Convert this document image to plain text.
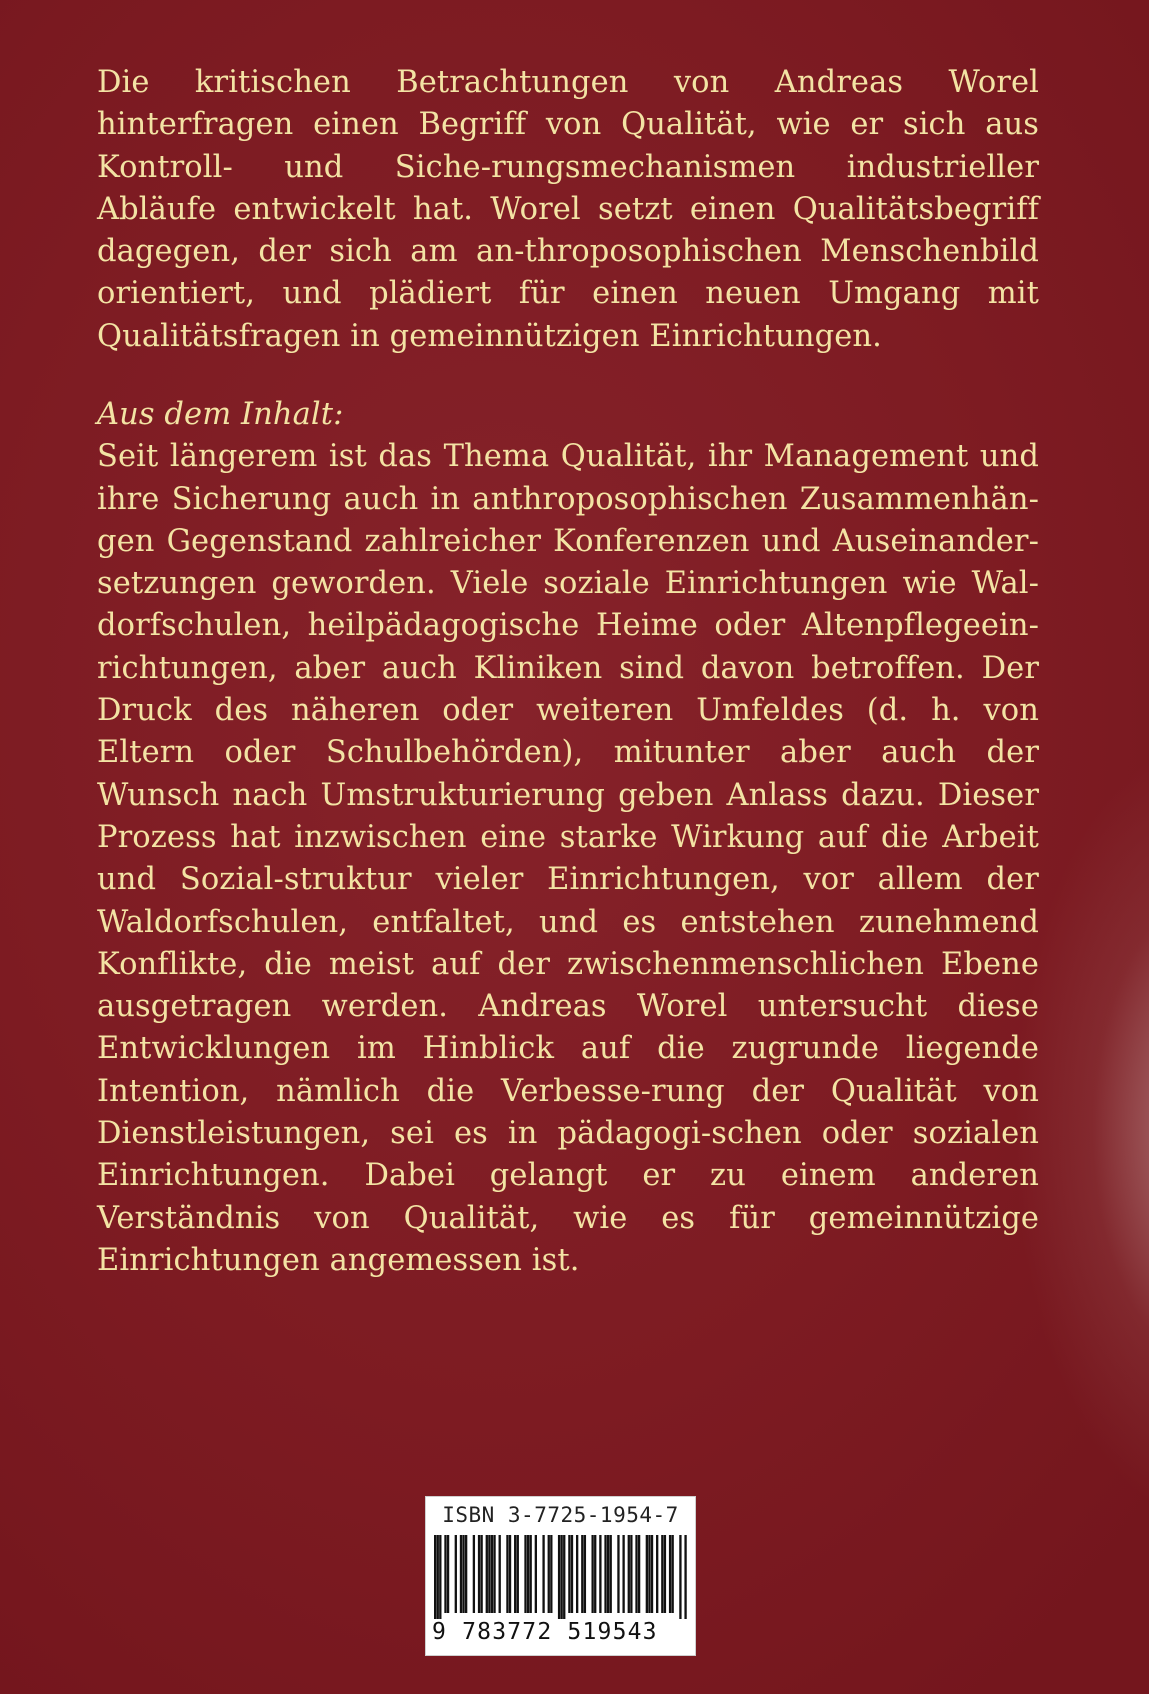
Die kritischen Betrachtungen von Andreas Worel hinterfragen einen Begriff von Qualität, wie er sich aus Kontroll- und Siche-rungsmechanismen industrieller Abläufe entwickelt hat. Worel setzt einen Qualitätsbegriff dagegen, der sich am an-throposophischen Menschenbild orientiert, und plädiert für einen neuen Umgang mit Qualitätsfragen in gemeinnützigen Einrichtungen.

Aus dem Inhalt:

Seit längerem ist das Thema Qualität, ihr Management und ihre Sicherung auch in anthroposophischen Zusammenhän-gen Gegenstand zahlreicher Konferenzen und Auseinander-setzungen geworden. Viele soziale Einrichtungen wie Wal-dorfschulen, heilpädagogische Heime oder Altenpflegeein-richtungen, aber auch Kliniken sind davon betroffen. Der Druck des näheren oder weiteren Umfeldes (d. h. von Eltern oder Schulbehörden), mitunter aber auch der Wunsch nach Umstrukturierung geben Anlass dazu. Dieser Prozess hat inzwischen eine starke Wirkung auf die Arbeit und Sozial-struktur vieler Einrichtungen, vor allem der Waldorfschulen, entfaltet, und es entstehen zunehmend Konflikte, die meist auf der zwischenmenschlichen Ebene ausgetragen werden. Andreas Worel untersucht diese Entwicklungen im Hinblick auf die zugrunde liegende Intention, nämlich die Verbesse-rung der Qualität von Dienstleistungen, sei es in pädagogi-schen oder sozialen Einrichtungen. Dabei gelangt er zu einem anderen Verständnis von Qualität, wie es für gemeinnützige Einrichtungen angemessen ist.

ISBN 3-7725-1954-7
9 783772 519543
